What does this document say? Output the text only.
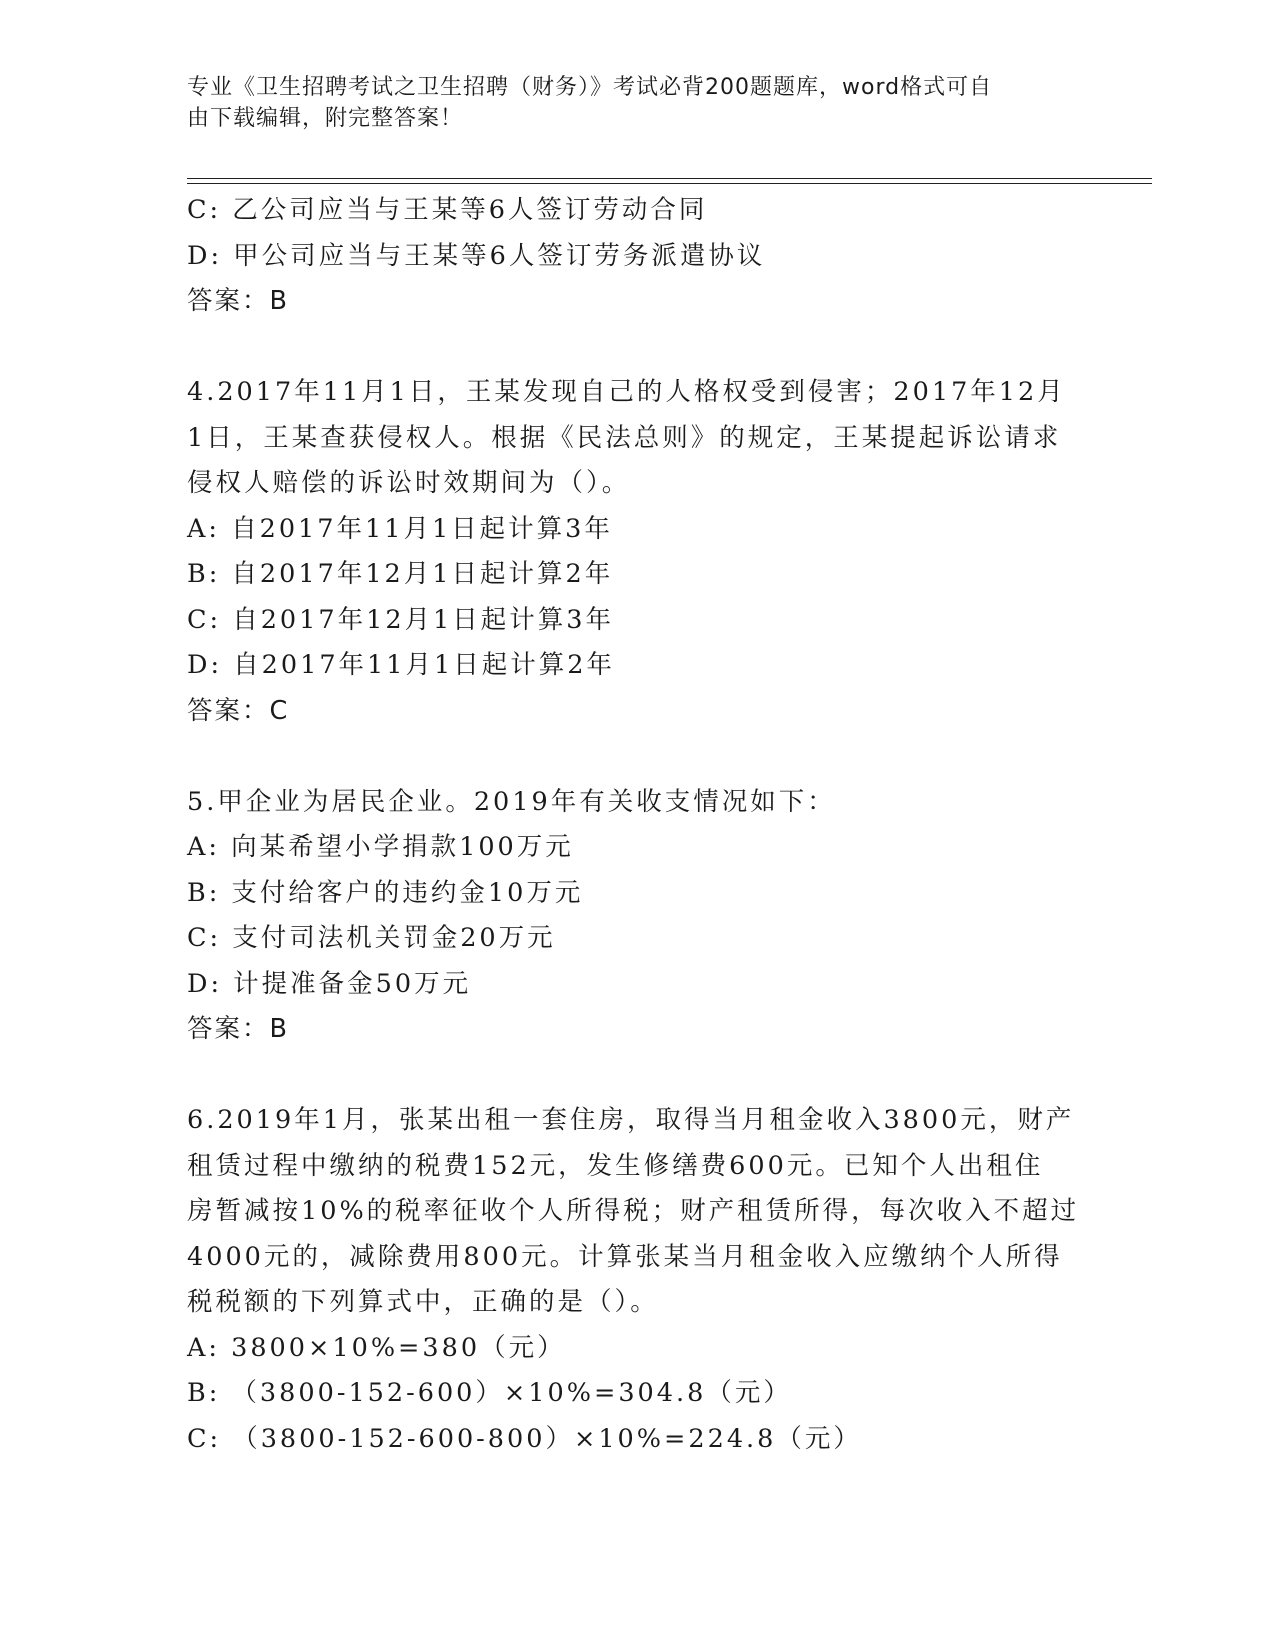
专业《卫生招聘考试之卫生招聘（财务）》考试必背200题题库，word格式可自
由下载编辑，附完整答案！
C: 乙公司应当与王某等6人签订劳动合同
D: 甲公司应当与王某等6人签订劳务派遣协议
答案：B
4.2017年11月1日，王某发现自己的人格权受到侵害；2017年12月
1日，王某查获侵权人。根据《民法总则》的规定，王某提起诉讼请求
侵权人赔偿的诉讼时效期间为（）。
A: 自2017年11月1日起计算3年
B: 自2017年12月1日起计算2年
C: 自2017年12月1日起计算3年
D: 自2017年11月1日起计算2年
答案：C
5.甲企业为居民企业。2019年有关收支情况如下：
A: 向某希望小学捐款100万元
B: 支付给客户的违约金10万元
C: 支付司法机关罚金20万元
D: 计提准备金50万元
答案：B
6.2019年1月，张某出租一套住房，取得当月租金收入3800元，财产
租赁过程中缴纳的税费152元，发生修缮费600元。已知个人出租住
房暂减按10%的税率征收个人所得税；财产租赁所得，每次收入不超过
4000元的，减除费用800元。计算张某当月租金收入应缴纳个人所得
税税额的下列算式中，正确的是（）。
A: 3800×10%=380（元）
B: （3800-152-600）×10%=304.8（元）
C: （3800-152-600-800）×10%=224.8（元）
